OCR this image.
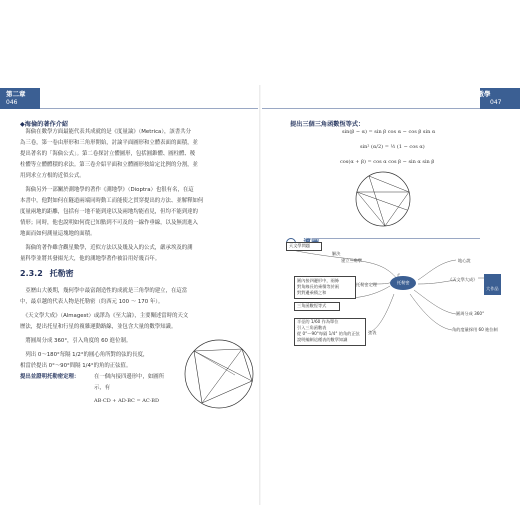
第二章
046
◆海倫的著作介紹
　海倫在數學方面最能代表其成就的是《度量論》（Metrica），該書共分
為三卷，第一卷由形形和三角形開始，討論平面圖形和立體表面的面積，並
提出著名的「海倫公式」。第二卷探討立體圖形，包括圓錐體、圓柱體、稜
柱體等立體體積的求法。第三卷介紹平面和立體圖形按給定比例的分割，並
用到求立方根的近似公式。
　海倫另外一部關於測地學的著作《測地學》（Dioptra）也很有名，在這
本書中，他對如何在隧道兩端同時動工而能使之貫穿提出的方法、並解釋如何
度量兩地的距離，包括有一地不能到達以及兩地均能看見，但均不能到達的
情形；同時，他也說明如何從已知點到不可及的一線作垂線，以及無需進入
地面而如何測量這塊地的面積。
　海倫的著作雖含觀星數學，近似方法以及幾及入的公式，嚴承埃及的測
量科學並將其發揚光大，他的測地學著作被沿用好幾百年。
2.3.2 托勒密
　亞歷山大後期，幾何學中最富創造性的成就是三角學的建立，在這當
中，最卓越的代表人物是托勒密（約西元 100 ～ 170 年）。
　《天文學大成》（Almagest）或譯為《至大論》，主要闡述當時的天文
歷法，提出托星和行星的複雜運動路線，並包含大量的數學知識。
　將圓周分成 360°，引入角度的 60 進位制。
　列出 0～180°每隔 1/2°的圓心角所對的弦的長度，
相當於提出 0°～90°間隔 1/4°的角的正弦值。
提出並證明托勒密定理：	在一個內接四邊形中，如圖所
示，有
AB·CD + AD·BC = AC·BD
古希臘數學
047
提出三個三角函數恆等式：
sin(β − α) = sin β cos α − cos β sin α
sin² (α/2) = ½ (1 − cos α)
cos(α + β) = cos α cos β − sin α sin β
天文學問題
解決
建立三角學
托勒密
圓內接四邊形中，兩條
對角線長的乘積等於兩
對對邊乘積之和
托勒密定理
三角函數恆等式
半徑的 1/60 作為單位
引入三角函數表
從 0°～90°每隔 1/4° 的角的正弦
說明編制這種表的數學知識
弦表
地心說
《天文學大成》
大作品
圓周分成 360°
角的度量採用 60 進位制
